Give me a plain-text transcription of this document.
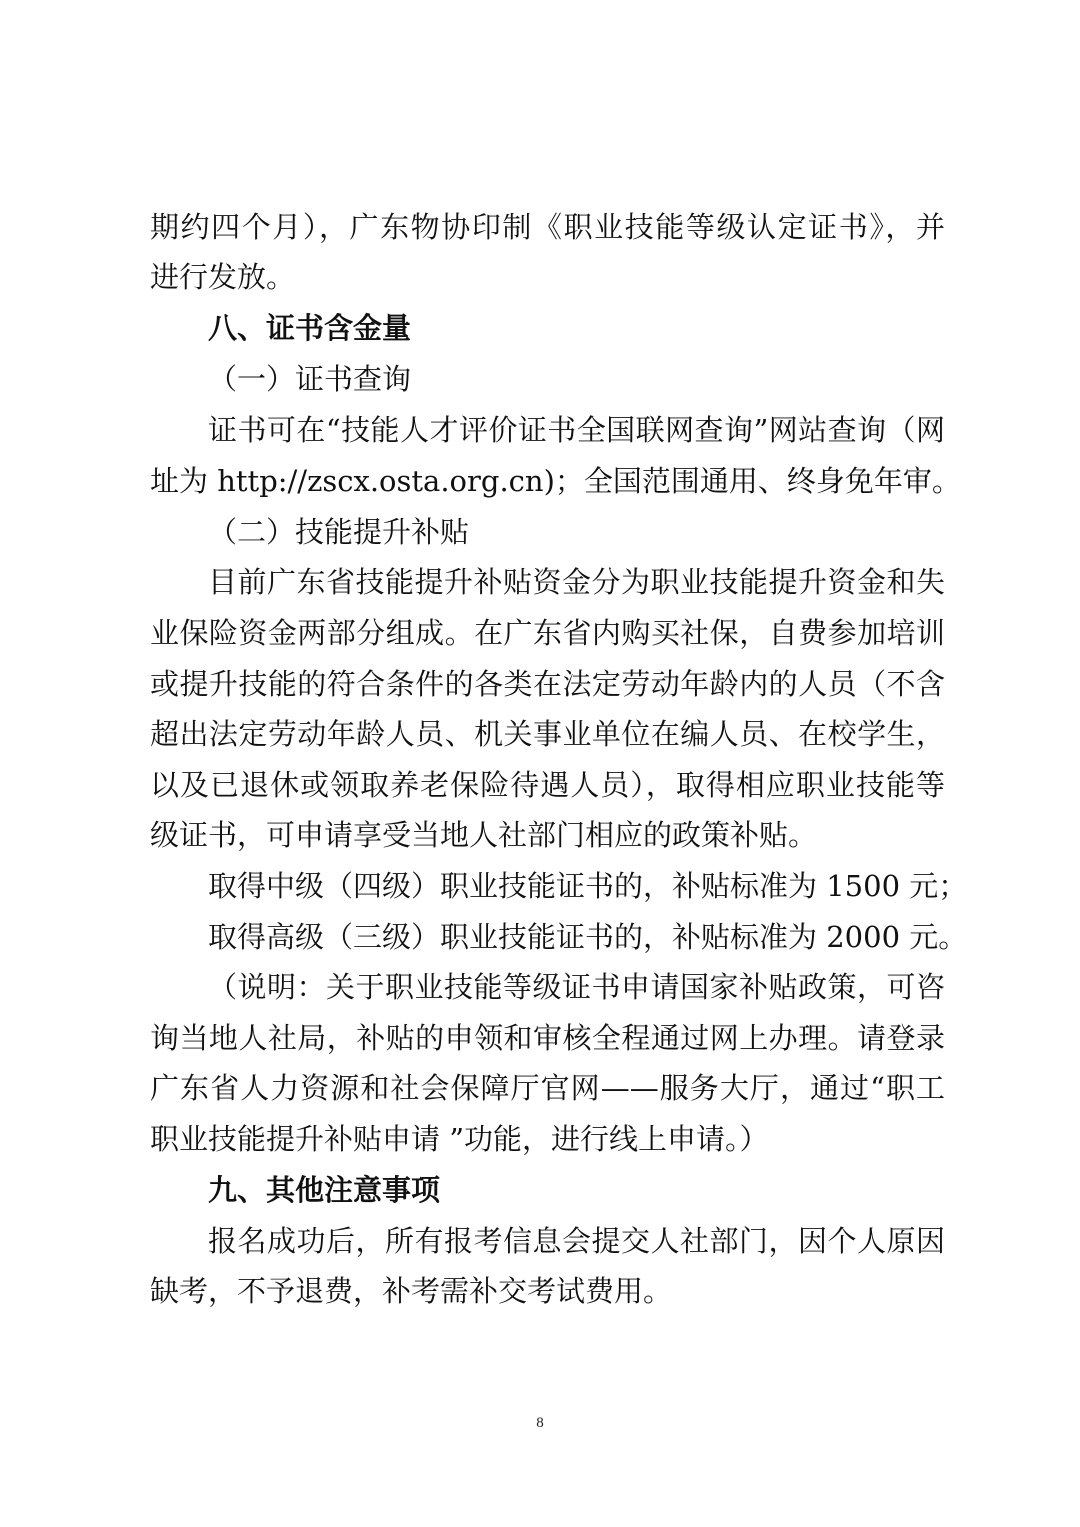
期约四个月），广东物协印制《职业技能等级认定证书》，并
进行发放。
八、证书含金量
（一）证书查询
证书可在“技能人才评价证书全国联网查询”网站查询（网
址为 http://zscx.osta.org.cn)；全国范围通用、终身免年审。
（二）技能提升补贴
目前广东省技能提升补贴资金分为职业技能提升资金和失
业保险资金两部分组成。在广东省内购买社保，自费参加培训
或提升技能的符合条件的各类在法定劳动年龄内的人员（不含
超出法定劳动年龄人员、机关事业单位在编人员、在校学生，
以及已退休或领取养老保险待遇人员），取得相应职业技能等
级证书，可申请享受当地人社部门相应的政策补贴。
取得中级（四级）职业技能证书的，补贴标准为 1500 元；
取得高级（三级）职业技能证书的，补贴标准为 2000 元。
（说明：关于职业技能等级证书申请国家补贴政策，可咨
询当地人社局，补贴的申领和审核全程通过网上办理。请登录
广东省人力资源和社会保障厅官网——服务大厅，通过“职工
职业技能提升补贴申请 ”功能，进行线上申请。）
九、其他注意事项
报名成功后，所有报考信息会提交人社部门，因个人原因
缺考，不予退费，补考需补交考试费用。
8
